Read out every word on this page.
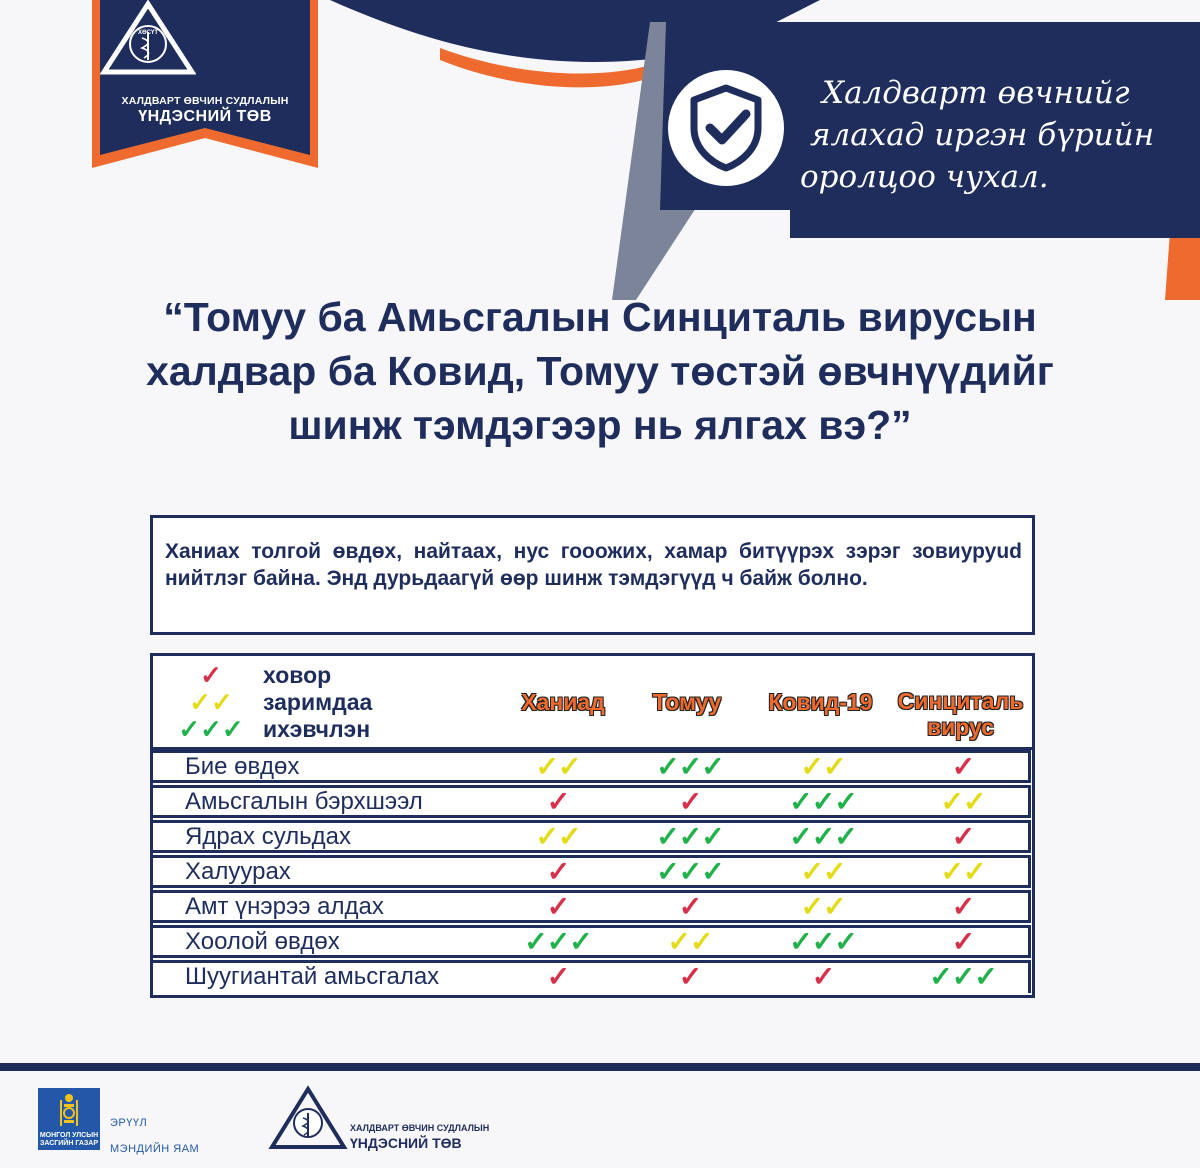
ХӨСҮТ
ХАЛДВАРТ ӨВЧИН СУДЛАЛЫН
ҮНДЭСНИЙ ТӨВ
Халдварт өвчнийг
ялахад иргэн бүрийн
оролцоо чухал.
“Томуу ба Амьсгалын Синциталь вирусын
халдвар ба Ковид, Томуу төстэй өвчнүүдийг
шинж тэмдэгээр нь ялгах вэ?”
Ханиах толгой өвдөх, найтаах, нус гооожих, хамар битүүрэх зэрэг зовиуруud нийтлэг байна. Энд дурьдаагүй өөр шинж тэмдэгүүд ч байж болно.
✓	ховор
✓✓	заримдаа
✓✓✓ ихэвчлэн
Ханиад	Томуу	Ковид-19	Синциталь вирус
Бие өвдөх	✓✓	✓✓✓	✓✓	✓
Амьсгалын бэрхшээл	✓	✓	✓✓✓	✓✓
Ядрах сульдах	✓✓	✓✓✓	✓✓✓	✓
Халуурах	✓	✓✓✓	✓✓	✓✓
Амт үнэрээ алдах	✓	✓	✓✓	✓
Хоолой өвдөх	✓✓✓	✓✓	✓✓✓	✓
Шуугиантай амьсгалах	✓	✓	✓	✓✓✓
МОНГОЛ УЛСЫН
ЗАСГИЙН ГАЗАР
ЭРҮҮЛ
МЭНДИЙН ЯАМ
ХАЛДВАРТ ӨВЧИН СУДЛАЛЫН
ҮНДЭСНИЙ ТӨВ
